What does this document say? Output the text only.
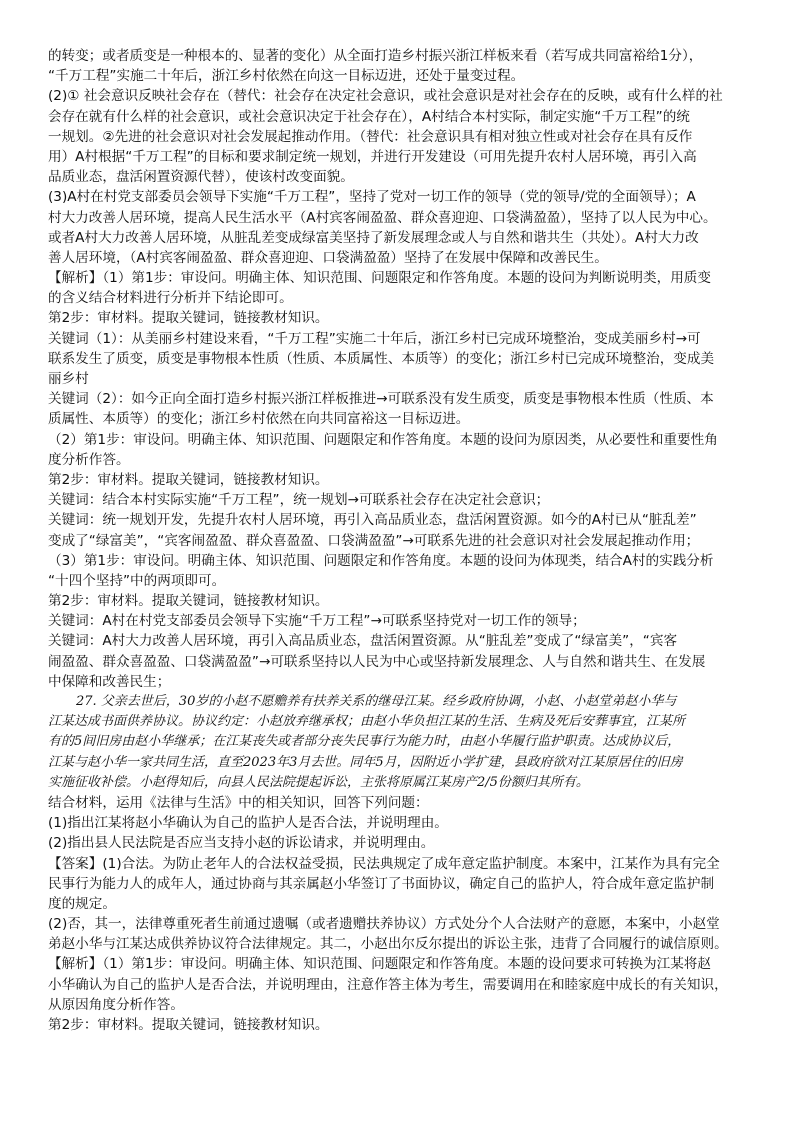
的转变；或者质变是一种根本的、显著的变化）从全面打造乡村振兴浙江样板来看（若写成共同富裕给1分），
“千万工程”实施二十年后，浙江乡村依然在向这一目标迈进，还处于量变过程。
(2)① 社会意识反映社会存在（替代：社会存在决定社会意识，或社会意识是对社会存在的反映，或有什么样的社
会存在就有什么样的社会意识，或社会意识决定于社会存在），A村结合本村实际，制定实施“千万工程”的统
一规划。②先进的社会意识对社会发展起推动作用。（替代：社会意识具有相对独立性或对社会存在具有反作
用）A村根据“千万工程”的目标和要求制定统一规划，并进行开发建设（可用先提升农村人居环境，再引入高
品质业态，盘活闲置资源代替），使该村改变面貌。
(3)A村在村党支部委员会领导下实施“千万工程”，坚持了党对一切工作的领导（党的领导/党的全面领导）；A
村大力改善人居环境，提高人民生活水平（A村宾客闹盈盈、群众喜迎迎、口袋满盈盈），坚持了以人民为中心。
或者A村大力改善人居环境，从脏乱差变成绿富美坚持了新发展理念或人与自然和谐共生（共处）。A村大力改
善人居环境，（A村宾客闹盈盈、群众喜迎迎、口袋满盈盈）坚持了在发展中保障和改善民生。
【解析】（1）第1步：审设问。明确主体、知识范围、问题限定和作答角度。本题的设问为判断说明类，用质变
的含义结合材料进行分析并下结论即可。
第2步：审材料。提取关键词，链接教材知识。
关键词（1）：从美丽乡村建设来看，“千万工程”实施二十年后，浙江乡村已完成环境整治，变成美丽乡村→可
联系发生了质变，质变是事物根本性质（性质、本质属性、本质等）的变化；浙江乡村已完成环境整治，变成美
丽乡村
关键词（2）：如今正向全面打造乡村振兴浙江样板推进→可联系没有发生质变，质变是事物根本性质（性质、本
质属性、本质等）的变化；浙江乡村依然在向共同富裕这一目标迈进。
（2）第1步：审设问。明确主体、知识范围、问题限定和作答角度。本题的设问为原因类，从必要性和重要性角
度分析作答。
第2步：审材料。提取关键词，链接教材知识。
关键词：结合本村实际实施“千万工程”，统一规划→可联系社会存在决定社会意识；
关键词：统一规划开发，先提升农村人居环境，再引入高品质业态，盘活闲置资源。如今的A村已从“脏乱差”
变成了“绿富美”，“宾客闹盈盈、群众喜盈盈、口袋满盈盈”→可联系先进的社会意识对社会发展起推动作用；
（3）第1步：审设问。明确主体、知识范围、问题限定和作答角度。本题的设问为体现类，结合A村的实践分析
“十四个坚持”中的两项即可。
第2步：审材料。提取关键词，链接教材知识。
关键词：A村在村党支部委员会领导下实施“千万工程”→可联系坚持党对一切工作的领导；
关键词：A村大力改善人居环境，再引入高品质业态，盘活闲置资源。从“脏乱差”变成了“绿富美”，“宾客
闹盈盈、群众喜盈盈、口袋满盈盈”→可联系坚持以人民为中心或坚持新发展理念、人与自然和谐共生、在发展
中保障和改善民生；
27. 父亲去世后，30岁的小赵不愿赡养有扶养关系的继母江某。经乡政府协调，小赵、小赵堂弟赵小华与
江某达成书面供养协议。协议约定：小赵放弃继承权；由赵小华负担江某的生活、生病及死后安葬事宜，江某所
有的5间旧房由赵小华继承；在江某丧失或者部分丧失民事行为能力时，由赵小华履行监护职责。达成协议后，
江某与赵小华一家共同生活，直至2023年3月去世。同年5月，因附近小学扩建，县政府欲对江某原居住的旧房
实施征收补偿。小赵得知后，向县人民法院提起诉讼，主张将原属江某房产2/5份额归其所有。
结合材料，运用《法律与生活》中的相关知识，回答下列问题：
(1)指出江某将赵小华确认为自己的监护人是否合法，并说明理由。
(2)指出县人民法院是否应当支持小赵的诉讼请求，并说明理由。
【答案】(1)合法。为防止老年人的合法权益受损，民法典规定了成年意定监护制度。本案中，江某作为具有完全
民事行为能力人的成年人，通过协商与其亲属赵小华签订了书面协议，确定自己的监护人，符合成年意定监护制
度的规定。
(2)否，其一，法律尊重死者生前通过遗嘱（或者遗赠扶养协议）方式处分个人合法财产的意愿，本案中，小赵堂
弟赵小华与江某达成供养协议符合法律规定。其二，小赵出尔反尔提出的诉讼主张，违背了合同履行的诚信原则。
【解析】（1）第1步：审设问。明确主体、知识范围、问题限定和作答角度。本题的设问要求可转换为江某将赵
小华确认为自己的监护人是否合法，并说明理由，注意作答主体为考生，需要调用在和睦家庭中成长的有关知识，
从原因角度分析作答。
第2步：审材料。提取关键词，链接教材知识。
